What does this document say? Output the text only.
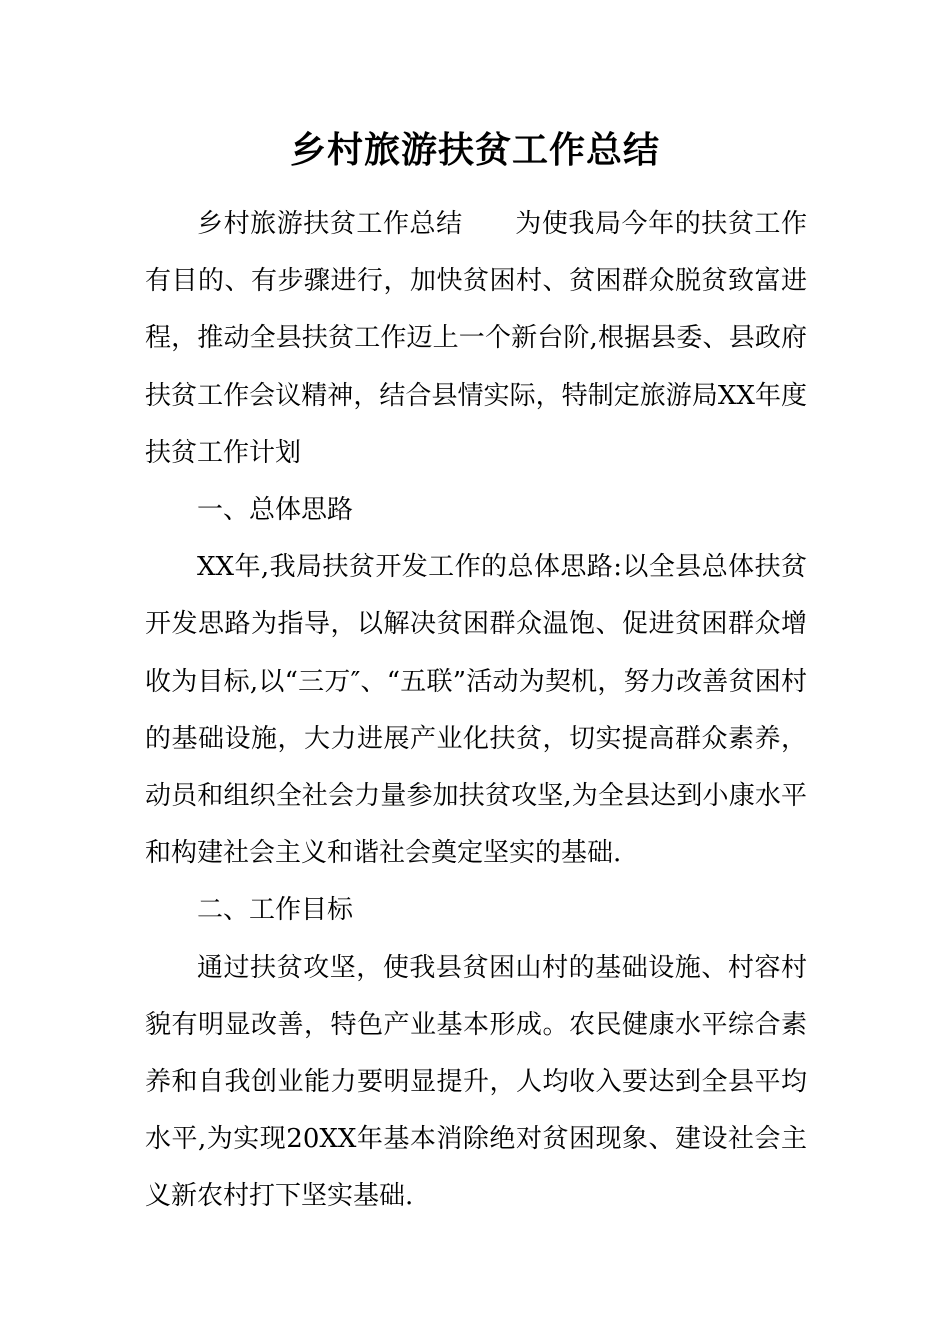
乡村旅游扶贫工作总结

乡村旅游扶贫工作总结 为使我局今年的扶贫工作有目的、有步骤进行，加快贫困村、贫困群众脱贫致富进程，推动全县扶贫工作迈上一个新台阶,根据县委、县政府扶贫工作会议精神，结合县情实际，特制定旅游局XX年度扶贫工作计划

一、总体思路

XX年,我局扶贫开发工作的总体思路:以全县总体扶贫开发思路为指导，以解决贫困群众温饱、促进贫困群众增收为目标,以“三万″、“五联”活动为契机，努力改善贫困村的基础设施，大力进展产业化扶贫，切实提高群众素养，动员和组织全社会力量参加扶贫攻坚,为全县达到小康水平和构建社会主义和谐社会奠定坚实的基础.

二、工作目标

通过扶贫攻坚，使我县贫困山村的基础设施、村容村貌有明显改善，特色产业基本形成。农民健康水平综合素养和自我创业能力要明显提升，人均收入要达到全县平均水平,为实现20XX年基本消除绝对贫困现象、建设社会主义新农村打下坚实基础.
